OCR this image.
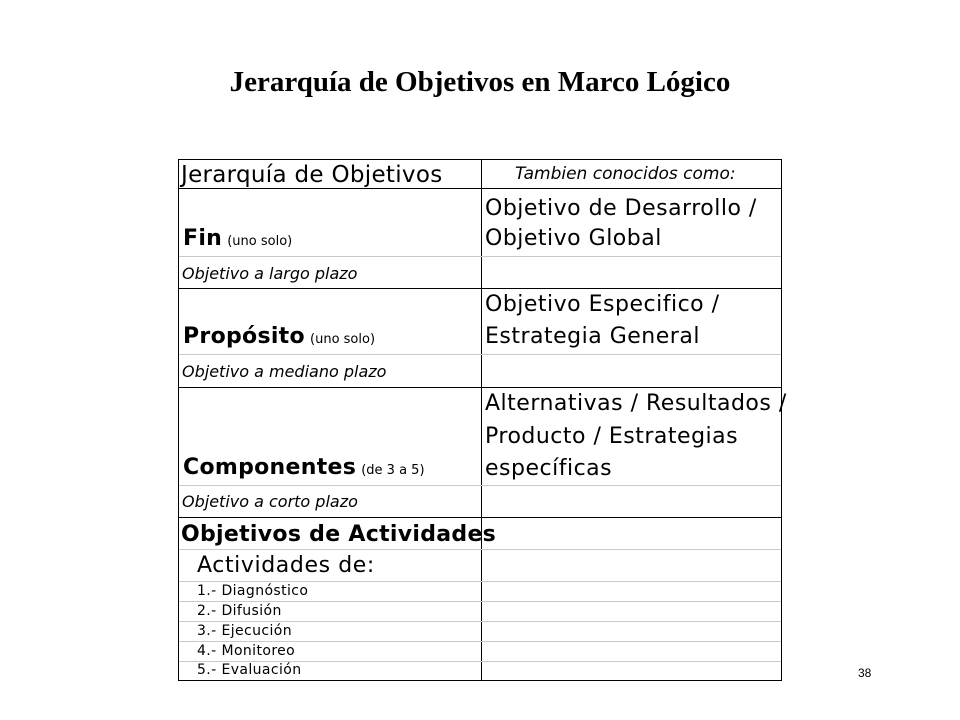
Jerarquía de Objetivos en Marco Lógico
Jerarquía de Objetivos	Tambien conocidos como:
Fin (uno solo)
Objetivo de Desarrollo /
Objetivo Global
Objetivo a largo plazo
Propósito (uno solo)
Objetivo Especifico /
Estrategia General
Objetivo a mediano plazo
Componentes (de 3 a 5)
Alternativas / Resultados /
Producto / Estrategias
específicas
Objetivo a corto plazo
Objetivos de Actividades
Actividades de:
1.- Diagnóstico
2.- Difusión
3.- Ejecución
4.- Monitoreo
5.- Evaluación	38
